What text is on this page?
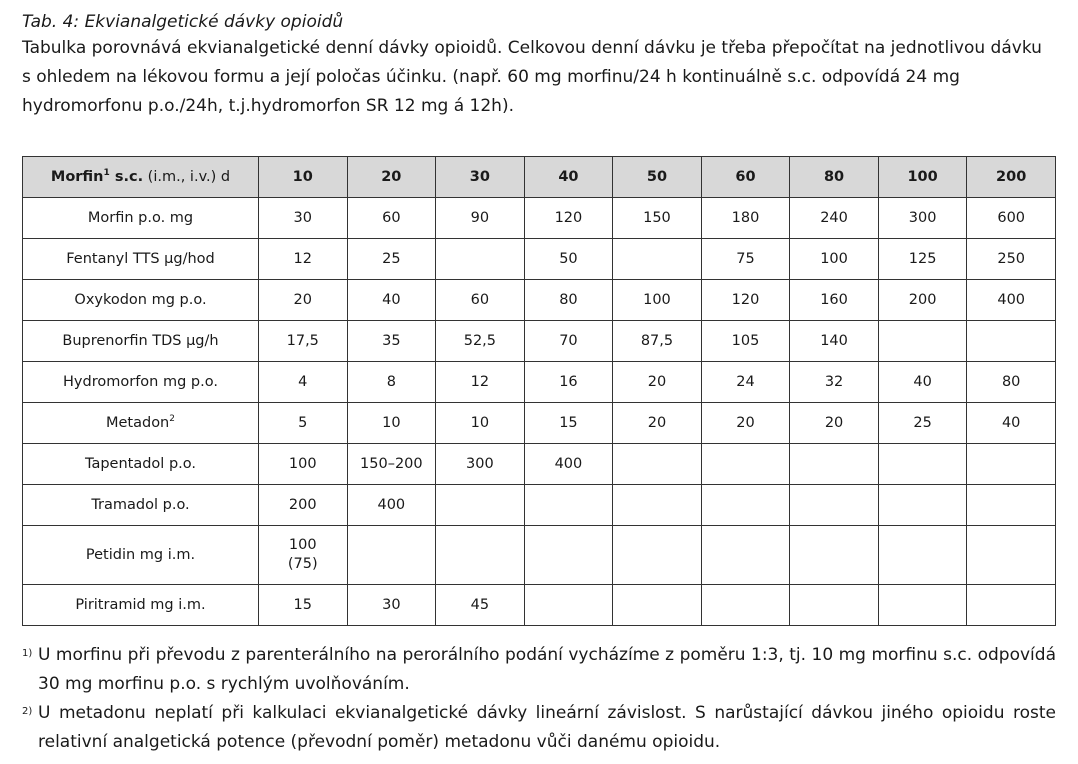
Tab. 4: Ekvianalgetické dávky opioidů

Tabulka porovnává ekvianalgetické denní dávky opioidů. Celkovou denní dávku je třeba přepočítat na jednotlivou dávku s ohledem na lékovou formu a její poločas účinku. (např. 60 mg morfinu/24 h kontinuálně s.c. odpovídá 24 mg hydromorfonu p.o./24h, t.j.hydromorfon SR 12 mg á 12h).

Morfin$^1$ s.c. (i.m., i.v.) d	10	20	30	40	50	60	80	100	200
Morfin p.o. mg	30	60	90	120	150	180	240	300	600
Fentanyl TTS µg/hod	12	25		50		75	100	125	250
Oxykodon mg p.o.	20	40	60	80	100	120	160	200	400
Buprenorfin TDS µg/h	17,5	35	52,5	70	87,5	105	140		
Hydromorfon mg p.o.	4	8	12	16	20	24	32	40	80
Metadon$^2$	5	10	10	15	20	20	20	25	40
Tapentadol p.o.	100	150–200	300	400					
Tramadol p.o.	200	400							
Petidin mg i.m.	100
(75)								
Piritramid mg i.m.	15	30	45						
1) U morfinu při převodu z parenterálního na perorálního podání vycházíme z poměru 1:3, tj. 10 mg morfinu s.c. odpovídá 30 mg morfinu p.o. s rychlým uvolňováním.
2) U metadonu neplatí při kalkulaci ekvianalgetické dávky lineární závislost. S narůstající dávkou jiného opioidu roste relativní analgetická potence (převodní poměr) metadonu vůči danému opioidu.
